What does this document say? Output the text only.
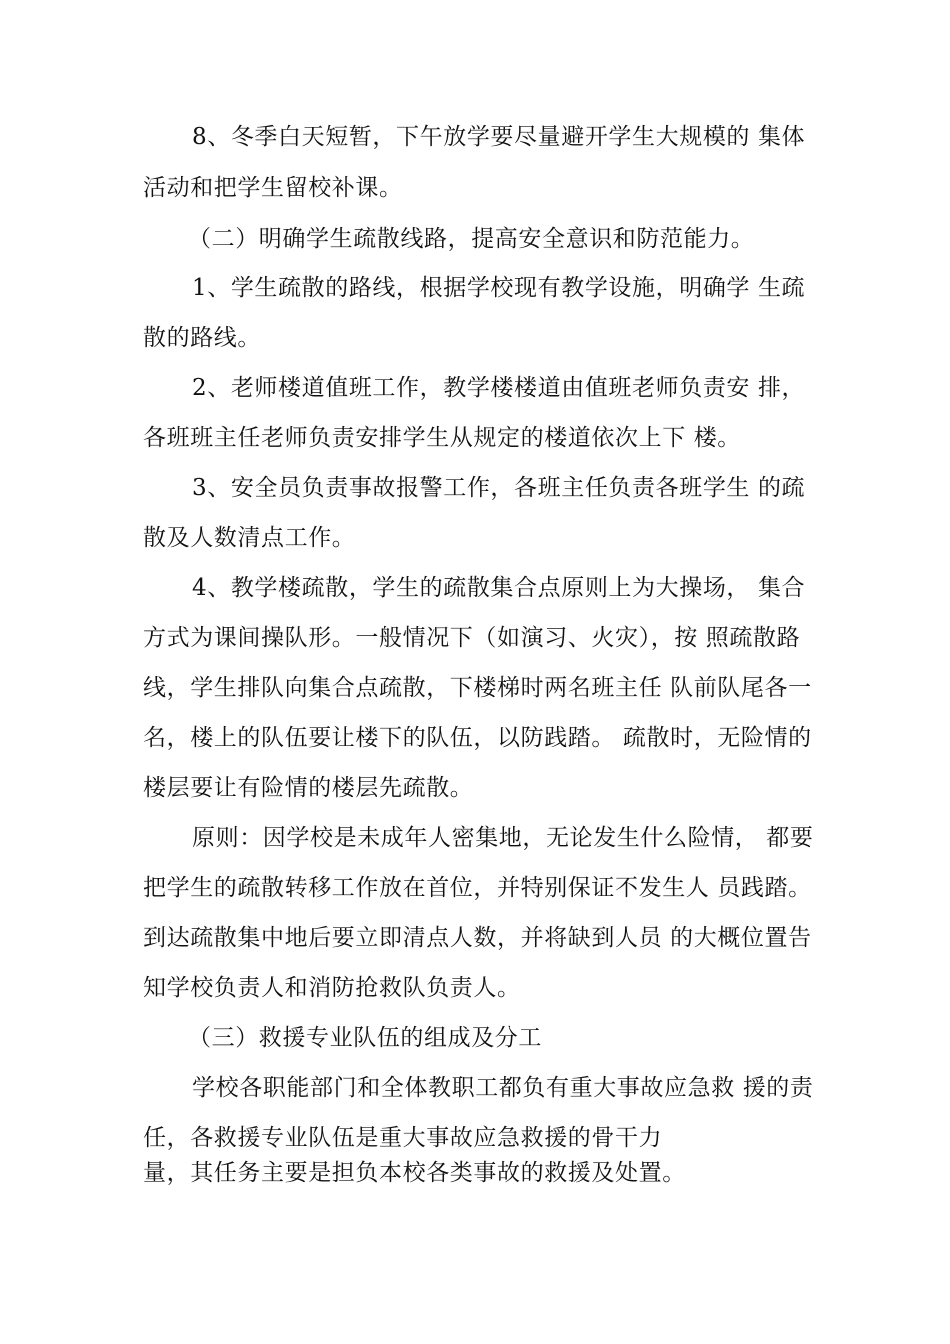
8、冬季白天短暂，下午放学要尽量避开学生大规模的 集体
活动和把学生留校补课。
（二）明确学生疏散线路，提高安全意识和防范能力。
1、学生疏散的路线，根据学校现有教学设施，明确学 生疏
散的路线。
2、老师楼道值班工作，教学楼楼道由值班老师负责安 排，
各班班主任老师负责安排学生从规定的楼道依次上下 楼。
3、安全员负责事故报警工作，各班主任负责各班学生 的疏
散及人数清点工作。
4、教学楼疏散，学生的疏散集合点原则上为大操场， 集合
方式为课间操队形。一般情况下（如演习、火灾），按 照疏散路
线，学生排队向集合点疏散，下楼梯时两名班主任 队前队尾各一
名，楼上的队伍要让楼下的队伍，以防践踏。 疏散时，无险情的
楼层要让有险情的楼层先疏散。
原则：因学校是未成年人密集地，无论发生什么险情， 都要
把学生的疏散转移工作放在首位，并特别保证不发生人 员践踏。
到达疏散集中地后要立即清点人数，并将缺到人员 的大概位置告
知学校负责人和消防抢救队负责人。
（三）救援专业队伍的组成及分工
学校各职能部门和全体教职工都负有重大事故应急救 援的责
任，各救援专业队伍是重大事故应急救援的骨干力
量，其任务主要是担负本校各类事故的救援及处置。
